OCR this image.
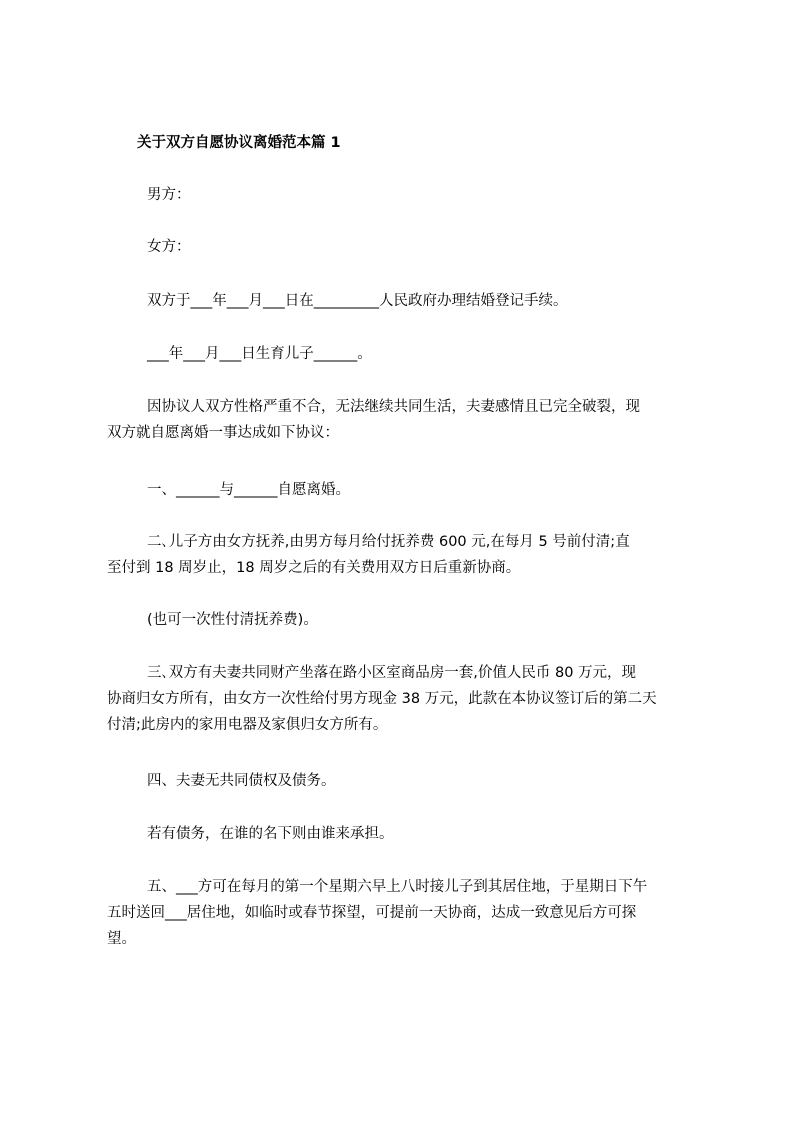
关于双方自愿协议离婚范本篇 1
男方：
女方：
双方于___年___月___日在_________人民政府办理结婚登记手续。
___年___月___日生育儿子______。
因协议人双方性格严重不合，无法继续共同生活，夫妻感情且已完全破裂，现
双方就自愿离婚一事达成如下协议：
一、______与______自愿离婚。
二､儿子方由女方抚养,由男方每月给付抚养费 600 元,在每月 5 号前付清;直
至付到 18 周岁止，18 周岁之后的有关费用双方日后重新协商。
(也可一次性付清抚养费)。
三､双方有夫妻共同财产坐落在路小区室商品房一套,价值人民币 80 万元，现
协商归女方所有，由女方一次性给付男方现金 38 万元，此款在本协议签订后的第二天
付清;此房内的家用电器及家俱归女方所有。
四、夫妻无共同债权及债务。
若有债务，在谁的名下则由谁来承担。
五、___方可在每月的第一个星期六早上八时接儿子到其居住地，于星期日下午
五时送回___居住地，如临时或春节探望，可提前一天协商，达成一致意见后方可探
望。
